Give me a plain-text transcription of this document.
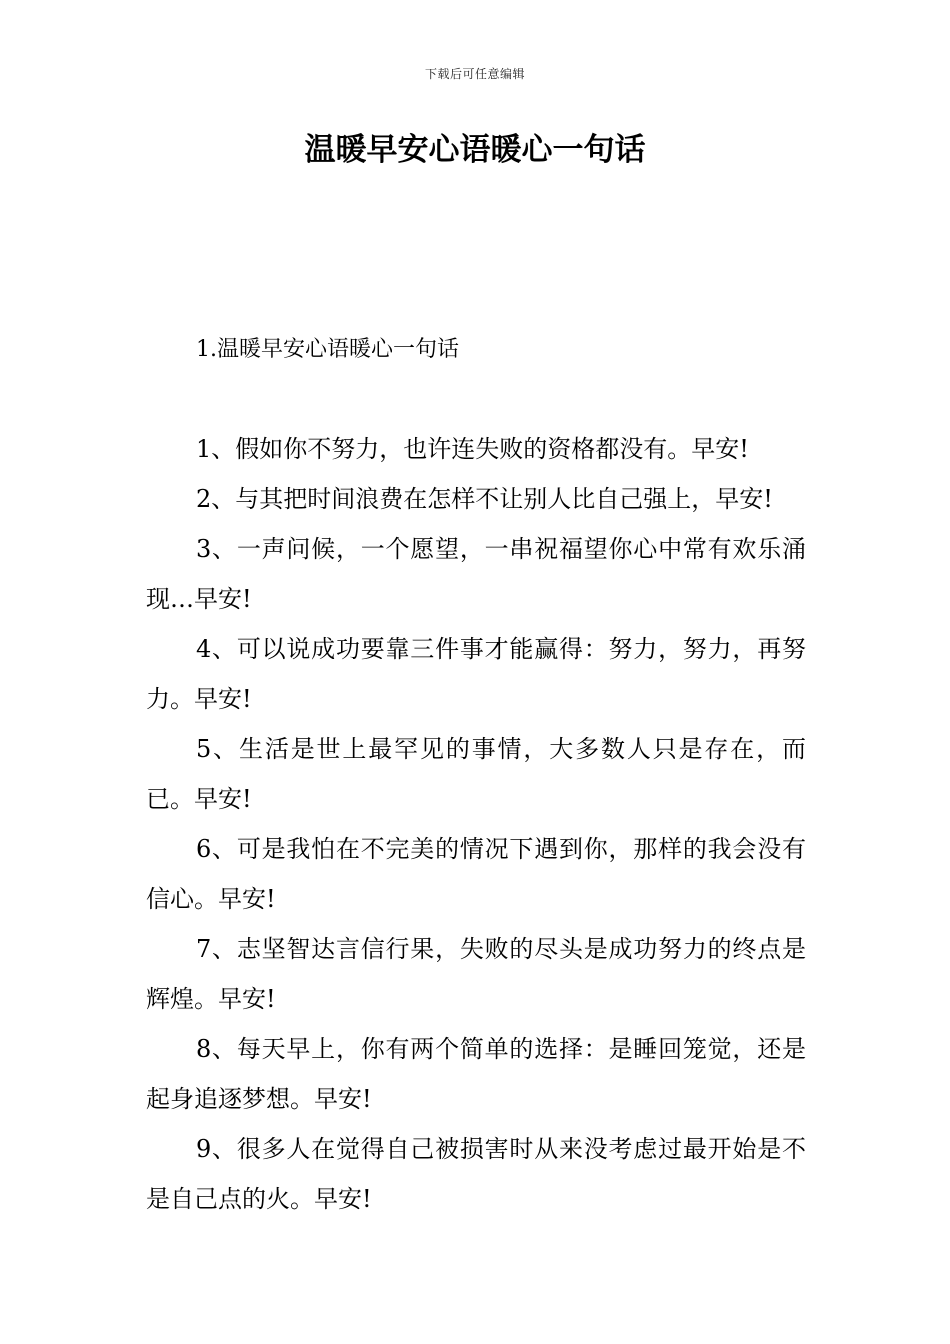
下载后可任意编辑
温暖早安心语暖心一句话
1.温暖早安心语暖心一句话

1、假如你不努力，也许连失败的资格都没有。早安!

2、与其把时间浪费在怎样不让别人比自己强上，早安!

3、一声问候，一个愿望，一串祝福望你心中常有欢乐涌现…早安!

4、可以说成功要靠三件事才能赢得：努力，努力，再努力。早安!

5、生活是世上最罕见的事情，大多数人只是存在，而已。早安!

6、可是我怕在不完美的情况下遇到你，那样的我会没有信心。早安!

7、志坚智达言信行果，失败的尽头是成功努力的终点是辉煌。早安!

8、每天早上，你有两个简单的选择：是睡回笼觉，还是起身追逐梦想。早安!

9、很多人在觉得自己被损害时从来没考虑过最开始是不是自己点的火。早安!
